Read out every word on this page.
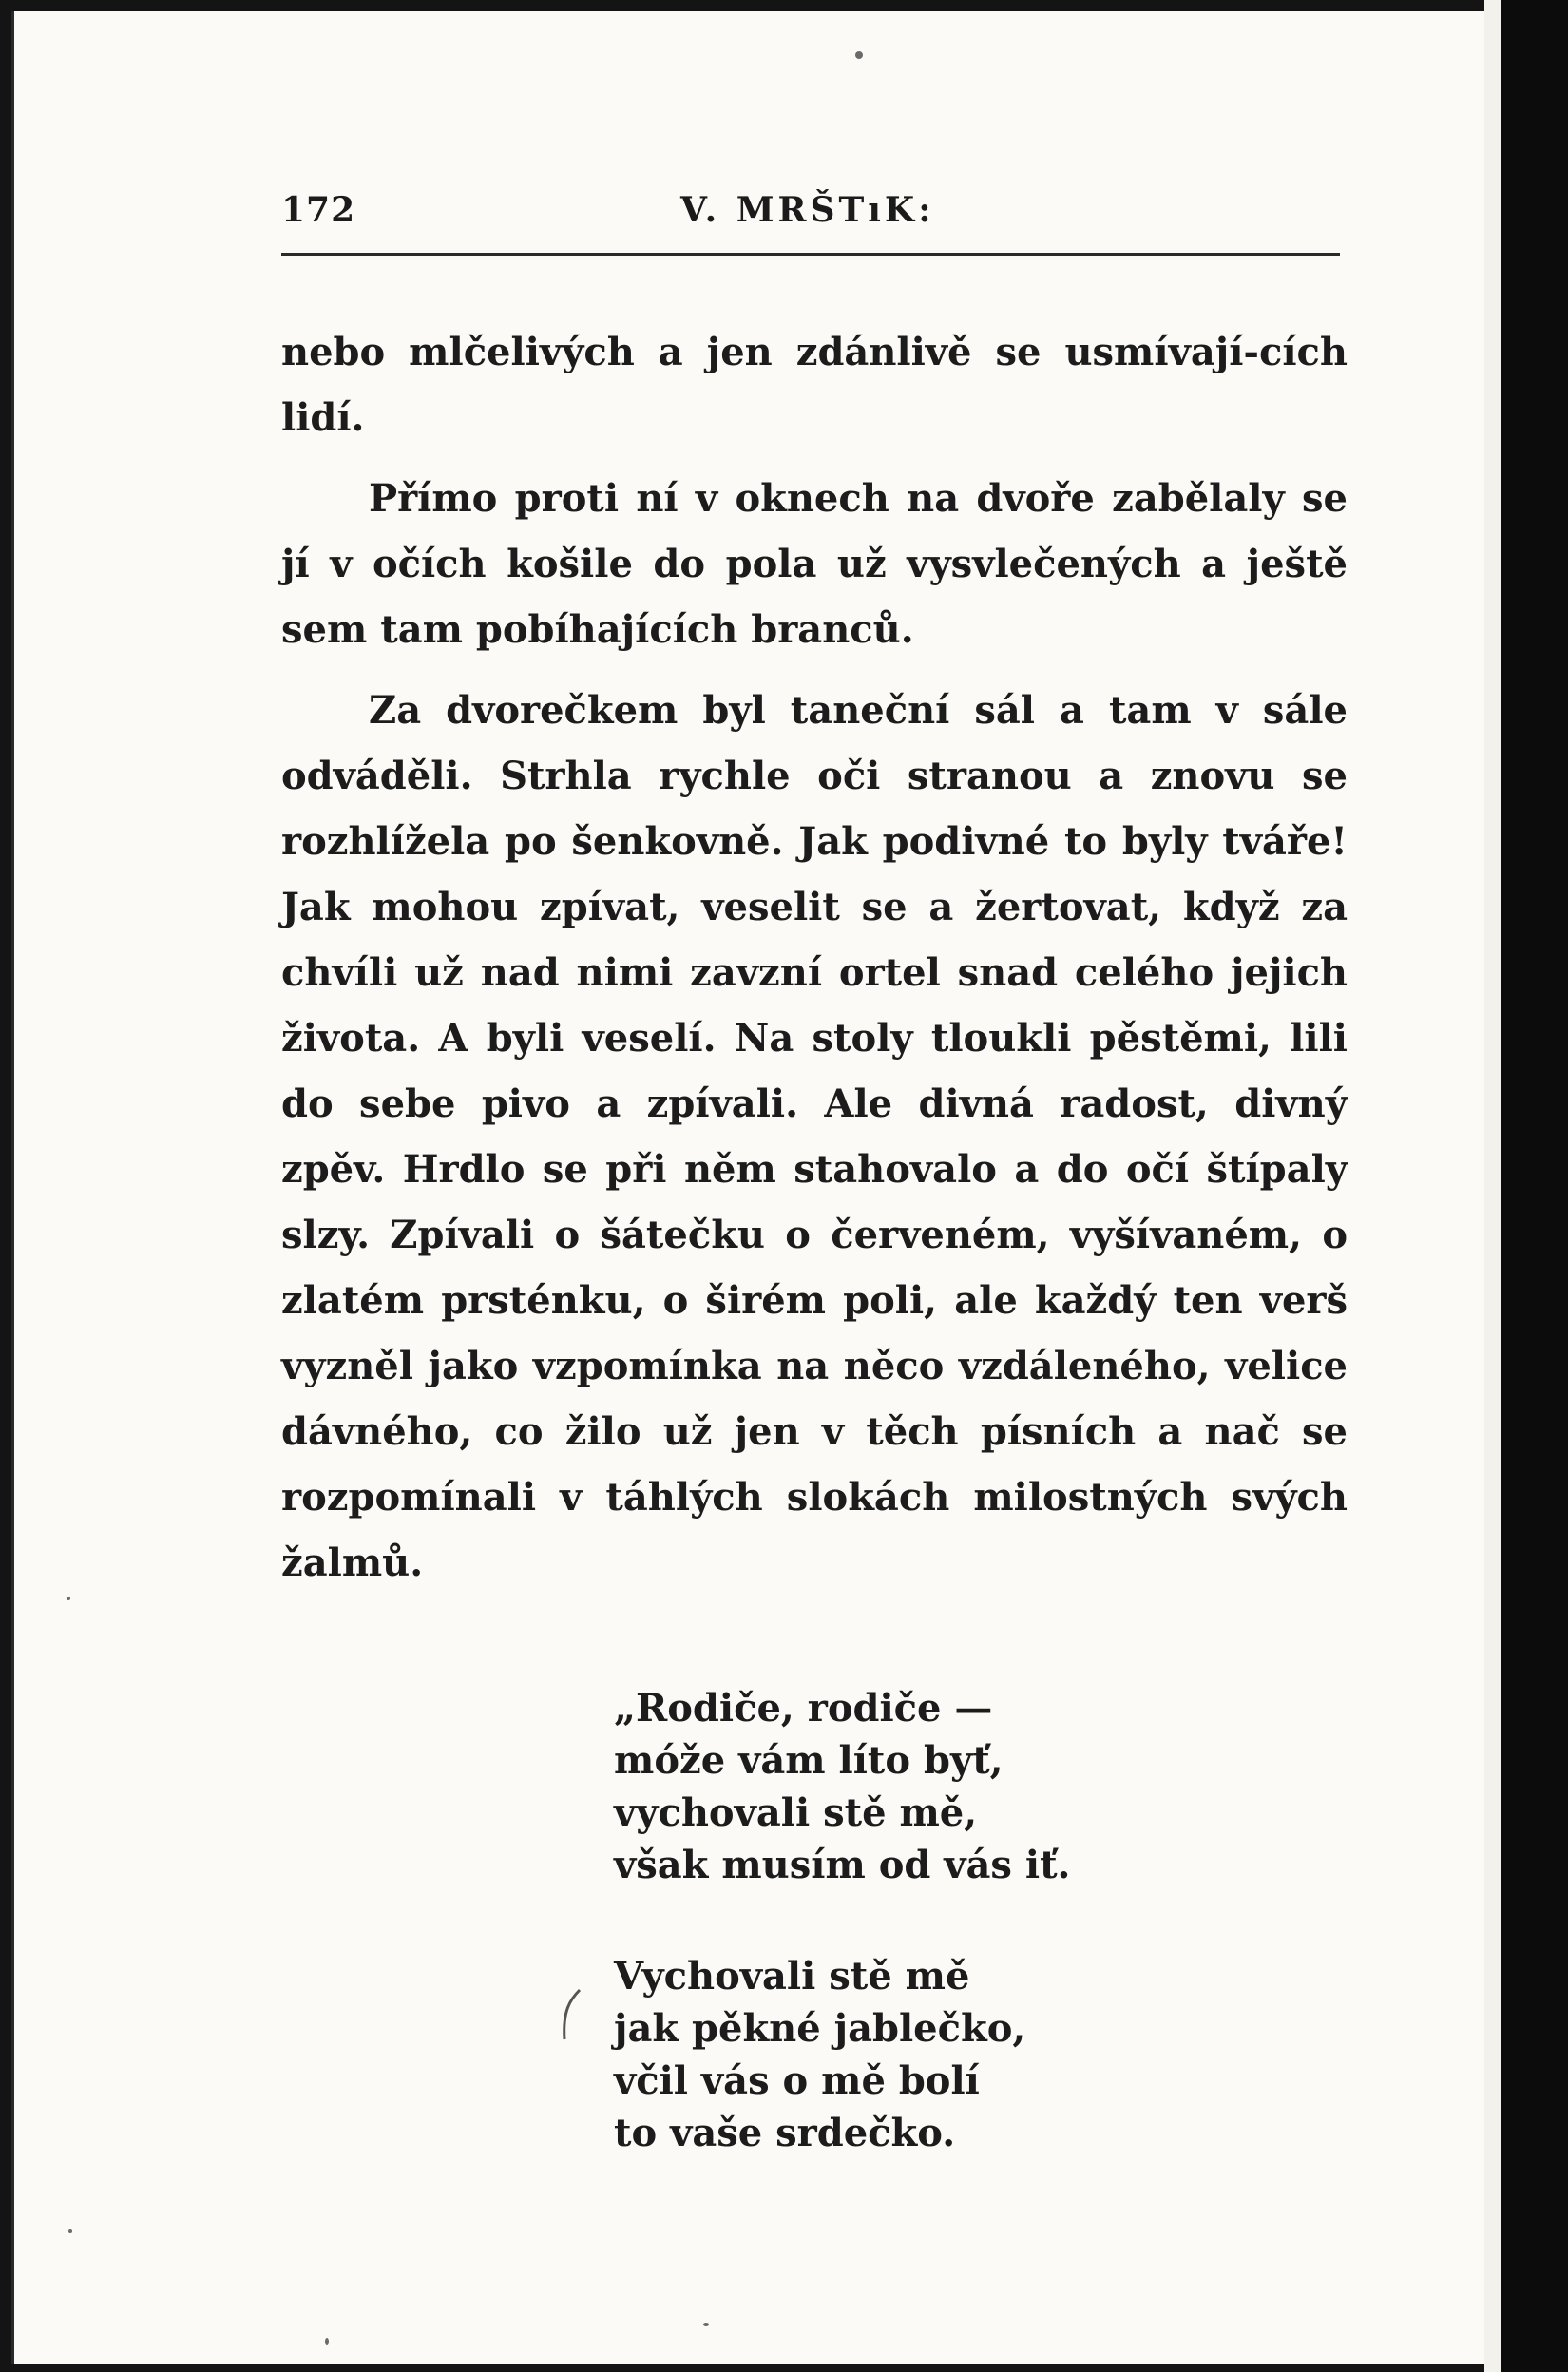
172	V. MRŠTıK:

nebo mlčelivých a jen zdánlivě se usmívají-cích lidí.

Přímo proti ní v oknech na dvoře zabělaly se jí v očích košile do pola už vysvlečených a ještě sem tam pobíhajících branců.

Za dvorečkem byl taneční sál a tam v sále odváděli. Strhla rychle oči stranou a znovu se rozhlížela po šenkovně. Jak podivné to byly tváře! Jak mohou zpívat, veselit se a žertovat, když za chvíli už nad nimi zavzní ortel snad celého jejich života. A byli veselí. Na stoly tloukli pěstěmi, lili do sebe pivo a zpívali. Ale divná radost, divný zpěv. Hrdlo se při něm stahovalo a do očí štípaly slzy. Zpívali o šátečku o červeném, vyšívaném, o zlatém prsténku, o širém poli, ale každý ten verš vyzněl jako vzpomínka na něco vzdáleného, velice dávného, co žilo už jen v těch písních a nač se rozpomínali v táhlých slokách milostných svých žalmů.

„Rodiče, rodiče —
móže vám líto byť,
vychovali stě mě,
však musím od vás iť.
Vychovali stě mě
jak pěkné jablečko,
včil vás o mě bolí
to vaše srdečko.
